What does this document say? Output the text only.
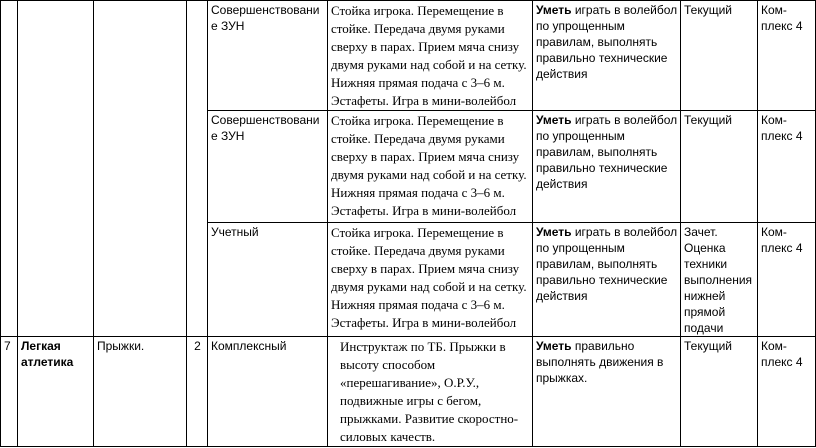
				Совершенствование ЗУН	Стойка игрока. Перемещение в стойке. Передача двумя руками сверху в парах. Прием мяча снизу двумя руками над собой и на сетку. Нижняя прямая подача с 3–6 м. Эстафеты. Игра в мини-волейбол	Уметь играть в волейбол по упрощенным правилам, выполнять правильно технические действия	Текущий	Ком-плекс 4
				Совершенствование ЗУН	Стойка игрока. Перемещение в стойке. Передача двумя руками сверху в парах. Прием мяча снизу двумя руками над собой и на сетку. Нижняя прямая подача с 3–6 м. Эстафеты. Игра в мини-волейбол	Уметь играть в волейбол по упрощенным правилам, выполнять правильно технические действия	Текущий	Ком-плекс 4
				Учетный	Стойка игрока. Перемещение в стойке. Передача двумя руками сверху в парах. Прием мяча снизу двумя руками над собой и на сетку. Нижняя прямая подача с 3–6 м. Эстафеты. Игра в мини-волейбол	Уметь играть в волейбол по упрощенным правилам, выполнять правильно технические действия	Зачет. Оценка техники выполнения нижней прямой подачи	Ком-плекс 4
7	Легкая атлетика	Прыжки.	2	Комплексный	Инструктаж по ТБ. Прыжки в высоту способом «перешагивание», О.Р.У., подвижные игры с бегом, прыжками. Развитие скоростно-силовых качеств.	Уметь правильно выполнять движения в прыжках.	Текущий	Ком-плекс 4
